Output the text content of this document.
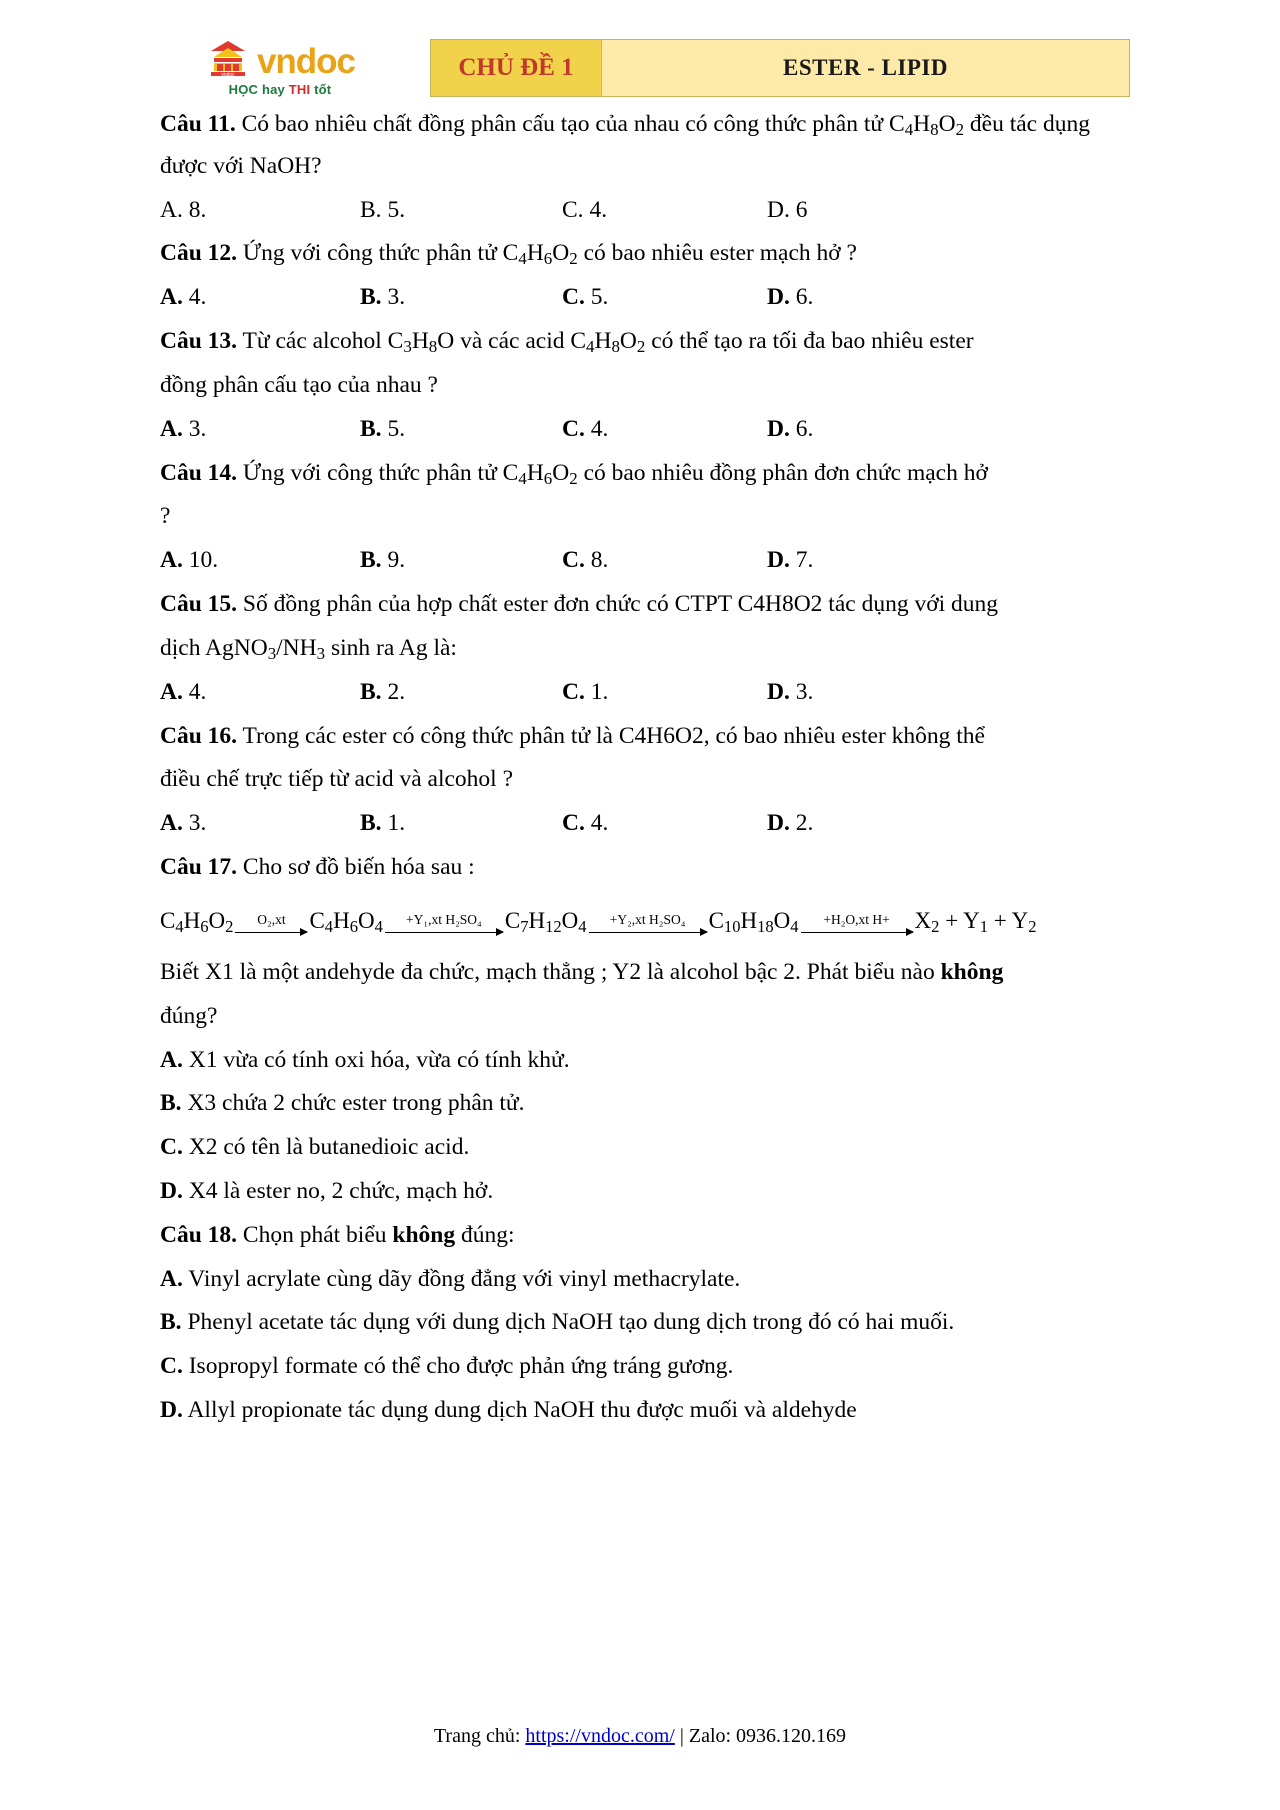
vndoc vndoc
HỌC hay THI tốt
CHỦ ĐỀ 1	ESTER - LIPID

Câu 11. Có bao nhiêu chất đồng phân cấu tạo của nhau có công thức phân tử $C_4H_8O_2$ đều tác dụng được với NaOH?

A. 8.	B. 5.	C. 4.	D. 6

Câu 12. Ứng với công thức phân tử $C_4H_6O_2$ có bao nhiêu ester mạch hở ?

A. 4.	B. 3.	C. 5.	D. 6.

Câu 13. Từ các alcohol $C_3H_8O$ và các acid $C_4H_8O_2$ có thể tạo ra tối đa bao nhiêu ester

đồng phân cấu tạo của nhau ?

A. 3.	B. 5.	C. 4.	D. 6.

Câu 14. Ứng với công thức phân tử $C_4H_6O_2$ có bao nhiêu đồng phân đơn chức mạch hở

?

A. 10.	B. 9.	C. 8.	D. 7.

Câu 15. Số đồng phân của hợp chất ester đơn chức có CTPT C4H8O2 tác dụng với dung

dịch $AgNO_3/NH_3$ sinh ra Ag là:

A. 4.	B. 2.	C. 1.	D. 3.

Câu 16. Trong các ester có công thức phân tử là C4H6O2, có bao nhiêu ester không thể

điều chế trực tiếp từ acid và alcohol ?

A. 3.	B. 1.	C. 4.	D. 2.

Câu 17. Cho sơ đồ biến hóa sau :

$C_4H_6O_2$ O₂,xt $C_4H_6O_4 +Y_1,xt$ H₂SO₄ $C_7H_{12}O_4 +Y_2,xt$ H₂SO₄ $C_{10}H_{18}O_4 +H_2O,xt$ $H+ X_2 + Y_1 + Y_2$

Biết X1 là một andehyde đa chức, mạch thẳng ; Y2 là alcohol bậc 2. Phát biểu nào không

đúng?

A. X1 vừa có tính oxi hóa, vừa có tính khử.

B. X3 chứa 2 chức ester trong phân tử.

C. X2 có tên là butanedioic acid.

D. X4 là ester no, 2 chức, mạch hở.

Câu 18. Chọn phát biểu không đúng:

A. Vinyl acrylate cùng dãy đồng đẳng với vinyl methacrylate.

B. Phenyl acetate tác dụng với dung dịch NaOH tạo dung dịch trong đó có hai muối.

C. Isopropyl formate có thể cho được phản ứng tráng gương.

D. Allyl propionate tác dụng dung dịch NaOH thu được muối và aldehyde

Trang chủ: https://vndoc.com/ | Zalo: 0936.120.169
